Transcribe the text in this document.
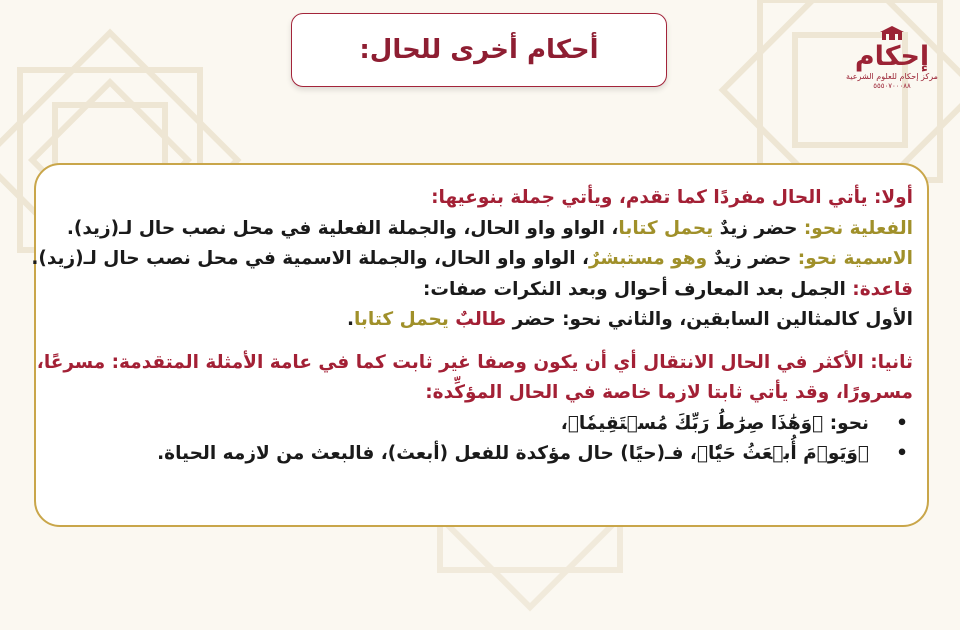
أحكام أخرى للحال:	إحكام
مركز إحكام للعلوم الشرعية
٥٥٥٠٧٠٠٠٨٨
أولا: يأتي الحال مفردًا كما تقدم، ويأتي جملة بنوعيها:
الفعلية نحو: حضر زيدٌ يحمل كتابا، الواو واو الحال، والجملة الفعلية في محل نصب حال لـ(زيد).
الاسمية نحو: حضر زيدٌ وهو مستبشرٌ، الواو واو الحال، والجملة الاسمية في محل نصب حال لـ(زيد).
قاعدة: الجمل بعد المعارف أحوال وبعد النكرات صفات:
الأول كالمثالين السابقين، والثاني نحو: حضر طالبٌ يحمل كتابا.
ثانيا: الأكثر في الحال الانتقال أي أن يكون وصفا غير ثابت كما في عامة الأمثلة المتقدمة: مسرعًا،
مسرورًا، وقد يأتي ثابتا لازما خاصة في الحال المؤكِّدة:
•نحو: ﴿وَهَٰذَا صِرَٰطُ رَبِّكَ مُسۡتَقِيمٗا﴾،
•﴿وَيَوۡمَ أُبۡعَثُ حَيّٗا﴾، فـ(حيًا) حال مؤكدة للفعل (أبعث)، فالبعث من لازمه الحياة.
